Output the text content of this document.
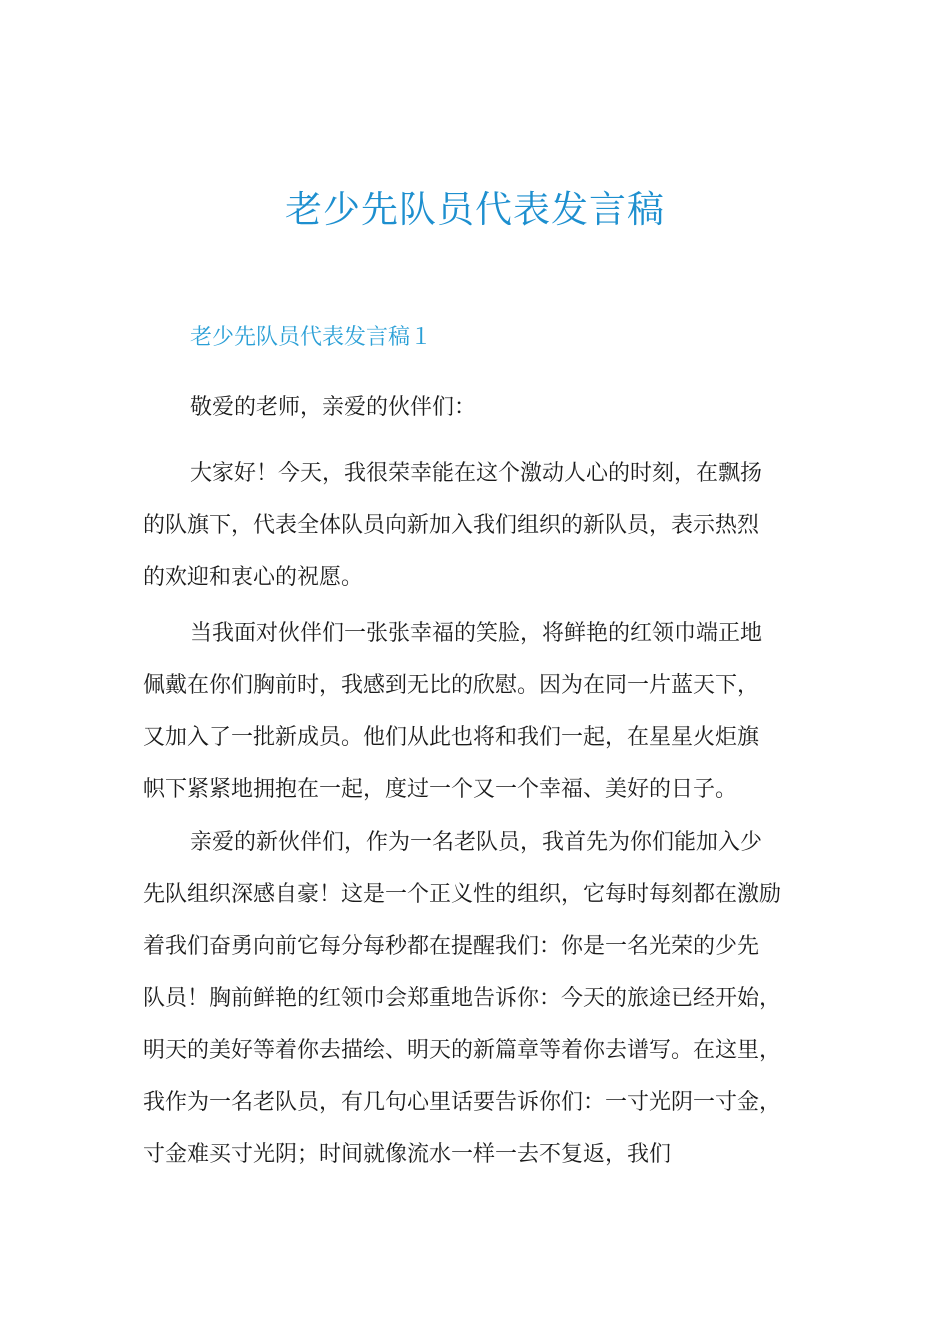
老少先队员代表发言稿
老少先队员代表发言稿１
敬爱的老师，亲爱的伙伴们：
大家好！今天，我很荣幸能在这个激动人心的时刻，在飘扬
的队旗下，代表全体队员向新加入我们组织的新队员，表示热烈
的欢迎和衷心的祝愿。
当我面对伙伴们一张张幸福的笑脸，将鲜艳的红领巾端正地
佩戴在你们胸前时，我感到无比的欣慰。因为在同一片蓝天下，
又加入了一批新成员。他们从此也将和我们一起，在星星火炬旗
帜下紧紧地拥抱在一起，度过一个又一个幸福、美好的日子。
亲爱的新伙伴们，作为一名老队员，我首先为你们能加入少
先队组织深感自豪！这是一个正义性的组织，它每时每刻都在激励
着我们奋勇向前它每分每秒都在提醒我们：你是一名光荣的少先
队员！胸前鲜艳的红领巾会郑重地告诉你：今天的旅途已经开始，
明天的美好等着你去描绘、明天的新篇章等着你去谱写。在这里，
我作为一名老队员，有几句心里话要告诉你们：一寸光阴一寸金，
寸金难买寸光阴；时间就像流水一样一去不复返，我们
